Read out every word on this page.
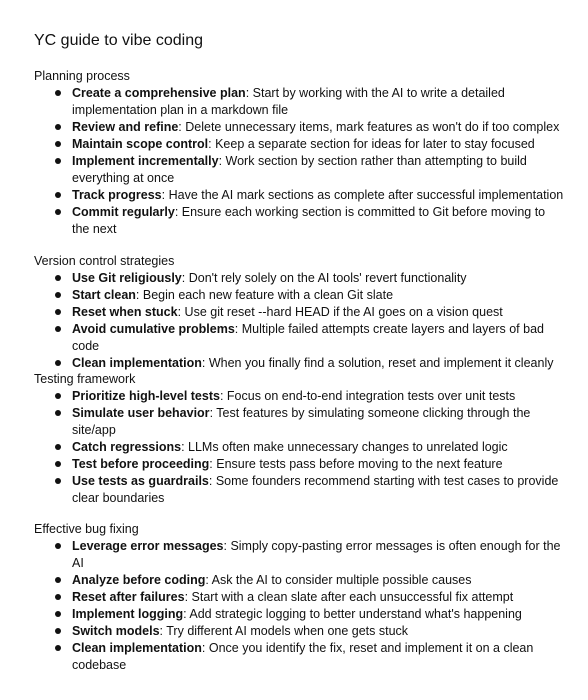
YC guide to vibe coding

Planning process

Create a comprehensive plan: Start by working with the AI to write a detailed implementation plan in a markdown file
Review and refine: Delete unnecessary items, mark features as won't do if too complex
Maintain scope control: Keep a separate section for ideas for later to stay focused
Implement incrementally: Work section by section rather than attempting to build everything at once
Track progress: Have the AI mark sections as complete after successful implementation
Commit regularly: Ensure each working section is committed to Git before moving to the next

Version control strategies

Use Git religiously: Don't rely solely on the AI tools' revert functionality
Start clean: Begin each new feature with a clean Git slate
Reset when stuck: Use git reset --hard HEAD if the AI goes on a vision quest
Avoid cumulative problems: Multiple failed attempts create layers and layers of bad code
Clean implementation: When you finally find a solution, reset and implement it cleanly

Testing framework

Prioritize high-level tests: Focus on end-to-end integration tests over unit tests
Simulate user behavior: Test features by simulating someone clicking through the site/app
Catch regressions: LLMs often make unnecessary changes to unrelated logic
Test before proceeding: Ensure tests pass before moving to the next feature
Use tests as guardrails: Some founders recommend starting with test cases to provide clear boundaries

Effective bug fixing

Leverage error messages: Simply copy-pasting error messages is often enough for the AI
Analyze before coding: Ask the AI to consider multiple possible causes
Reset after failures: Start with a clean slate after each unsuccessful fix attempt
Implement logging: Add strategic logging to better understand what's happening
Switch models: Try different AI models when one gets stuck
Clean implementation: Once you identify the fix, reset and implement it on a clean codebase
